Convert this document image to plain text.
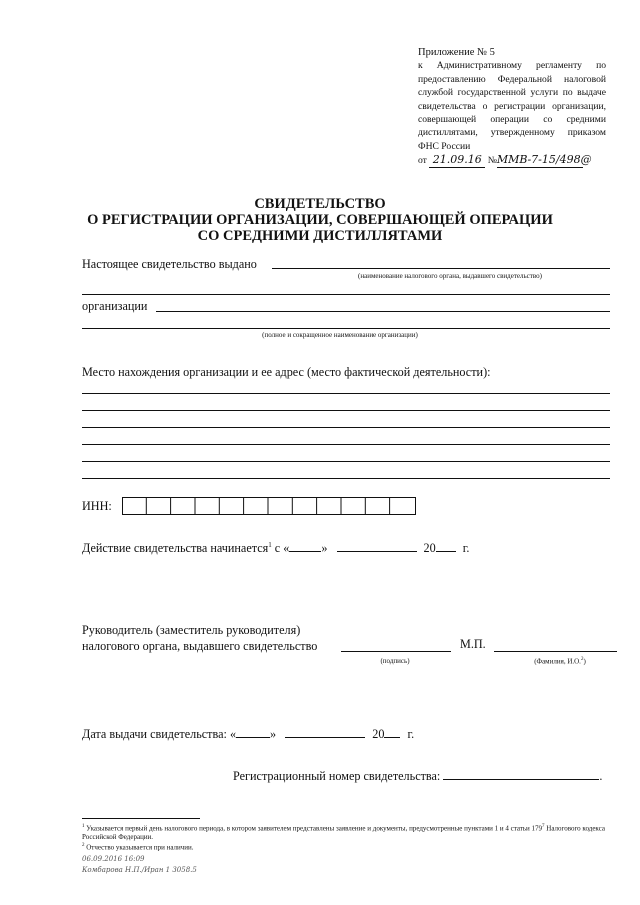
Приложение № 5
к Административному регламенту по предоставлению Федеральной налоговой службой государственной услуги по выдаче свидетельства о регистрации организации, совершающей операции со средними дистиллятами, утвержденному приказом ФНС России
от 21.09.16 №ММВ-7-15/498@
СВИДЕТЕЛЬСТВО
О РЕГИСТРАЦИИ ОРГАНИЗАЦИИ, СОВЕРШАЮЩЕЙ ОПЕРАЦИИ
СО СРЕДНИМИ ДИСТИЛЛЯТАМИ
Настоящее свидетельство выдано
(наименование налогового органа, выдавшего свидетельство)
организации
(полное и сокращенное наименование организации)
Место нахождения организации и ее адрес (место фактической деятельности):
ИНН:
Действие свидетельства начинается$^1$ с «	»	20 г.
Руководитель (заместитель руководителя)
налогового органа, выдавшего свидетельство	М.П.
(подпись)	(Фамилия, И.О.$^2$)
Дата выдачи свидетельства: «	»	20 г.
Регистрационный номер свидетельства:	.
$^1$ Указывается первый день налогового периода, в котором заявителем представлены заявление и документы, предусмотренные пунктами 1 и 4 статьи $179^7$ Налогового кодекса Российской Федерации.
$^2$ Отчество указывается при наличии.
06.09.2016 16:09
Комбарова Н.П./Иран 1 3058.5
